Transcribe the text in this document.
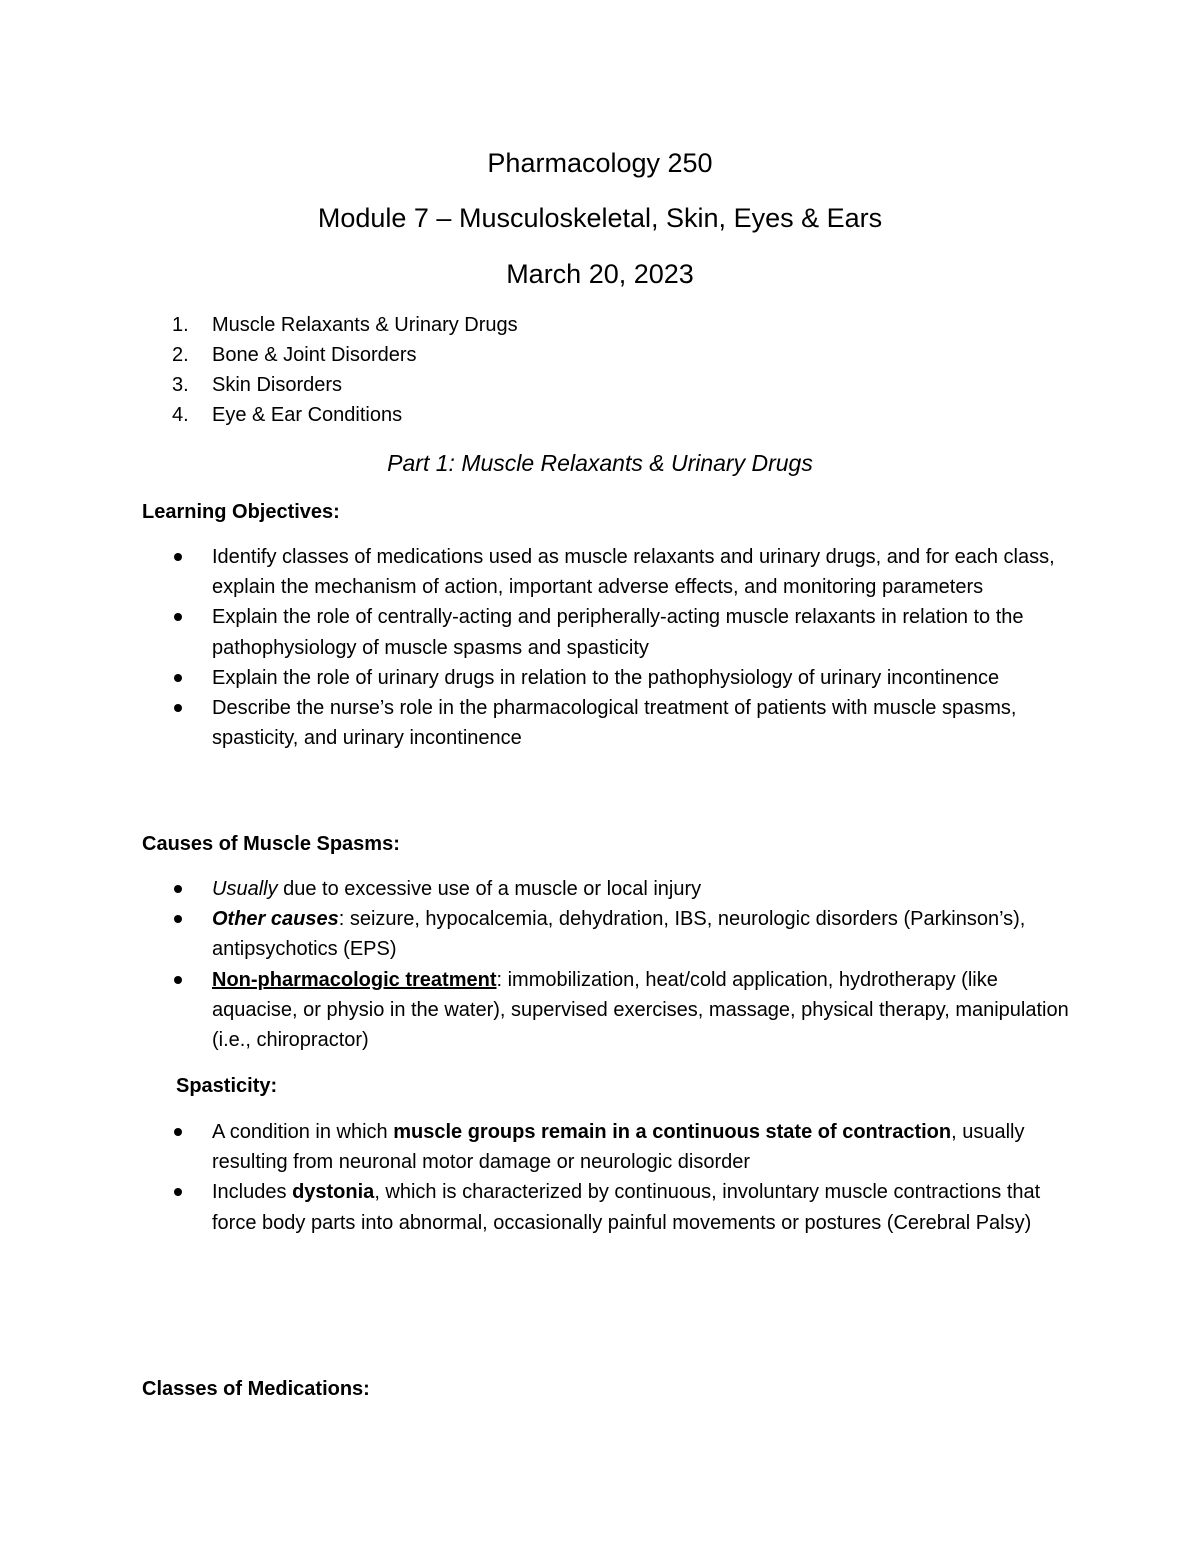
Pharmacology 250
Module 7 – Musculoskeletal, Skin, Eyes & Ears
March 20, 2023
1. Muscle Relaxants & Urinary Drugs
2. Bone & Joint Disorders
3. Skin Disorders
4. Eye & Ear Conditions
Part 1: Muscle Relaxants & Urinary Drugs
Learning Objectives:
Identify classes of medications used as muscle relaxants and urinary drugs, and for each class, explain the mechanism of action, important adverse effects, and monitoring parameters
Explain the role of centrally-acting and peripherally-acting muscle relaxants in relation to the pathophysiology of muscle spasms and spasticity
Explain the role of urinary drugs in relation to the pathophysiology of urinary incontinence
Describe the nurse’s role in the pharmacological treatment of patients with muscle spasms, spasticity, and urinary incontinence
Causes of Muscle Spasms:
Usually due to excessive use of a muscle or local injury
Other causes: seizure, hypocalcemia, dehydration, IBS, neurologic disorders (Parkinson’s), antipsychotics (EPS)
Non-pharmacologic treatment: immobilization, heat/cold application, hydrotherapy (like aquacise, or physio in the water), supervised exercises, massage, physical therapy, manipulation (i.e., chiropractor)
Spasticity:
A condition in which muscle groups remain in a continuous state of contraction, usually resulting from neuronal motor damage or neurologic disorder
Includes dystonia, which is characterized by continuous, involuntary muscle contractions that force body parts into abnormal, occasionally painful movements or postures (Cerebral Palsy)
Classes of Medications:
